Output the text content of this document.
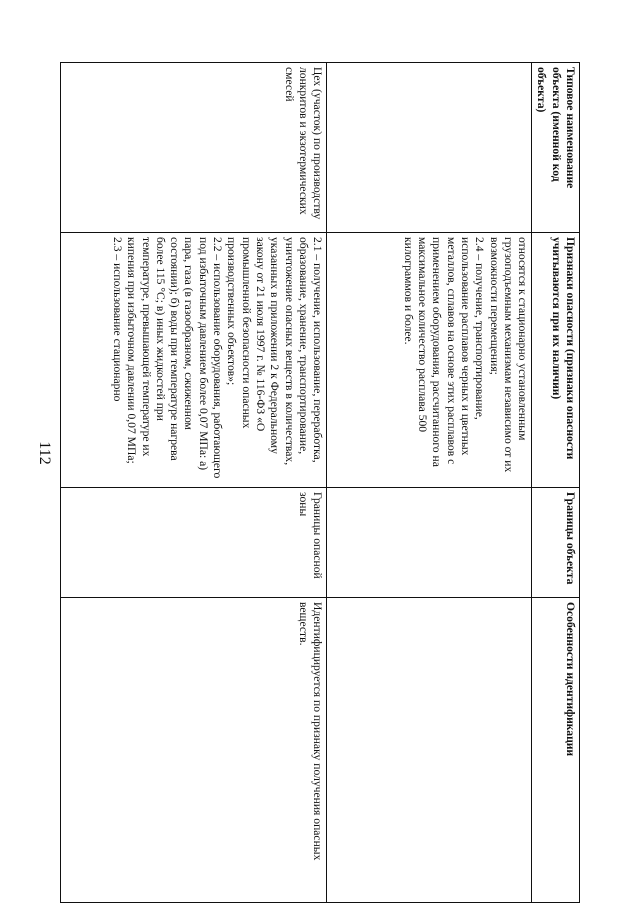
112
Типовое наименование объекта (именной код объекта)	Признаки опасности (признаки опасности учитываются при их наличии)	Границы объекта	Особенности идентификации

	относятся к стационарно установленным грузоподъемным механизмам независимо от их возможности перемещения;
2.4 – получение, транспортирование, использование расплавов черных и цветных металлов, сплавов на основе этих расплавов с применением оборудования, рассчитанного на максимальное количество расплава 500 килограммов и более.		

Цех (участок) по производству лонкритов и экзотермических смесей	2.1 – получение, использование, переработка, образование, хранение, транспортирование, уничтожение опасных веществ в количествах, указанных в приложении 2 к Федеральному закону от 21 июля 1997 г. № 116-ФЗ «О промышленной безопасности опасных производственных объектов»;
2.2 – использование оборудования, работающего под избыточным давлением более 0,07 МПа: а) пара, газа (в газообразном, сжиженном состоянии); б) воды при температуре нагрева более 115 °С; в) иных жидкостей при температуре, превышающей температуре их кипения при избыточном давлении 0,07 МПа;
2.3 – использование стационарно	Границы опасной зоны	Идентифицируется по признаку получения опасных веществ.
